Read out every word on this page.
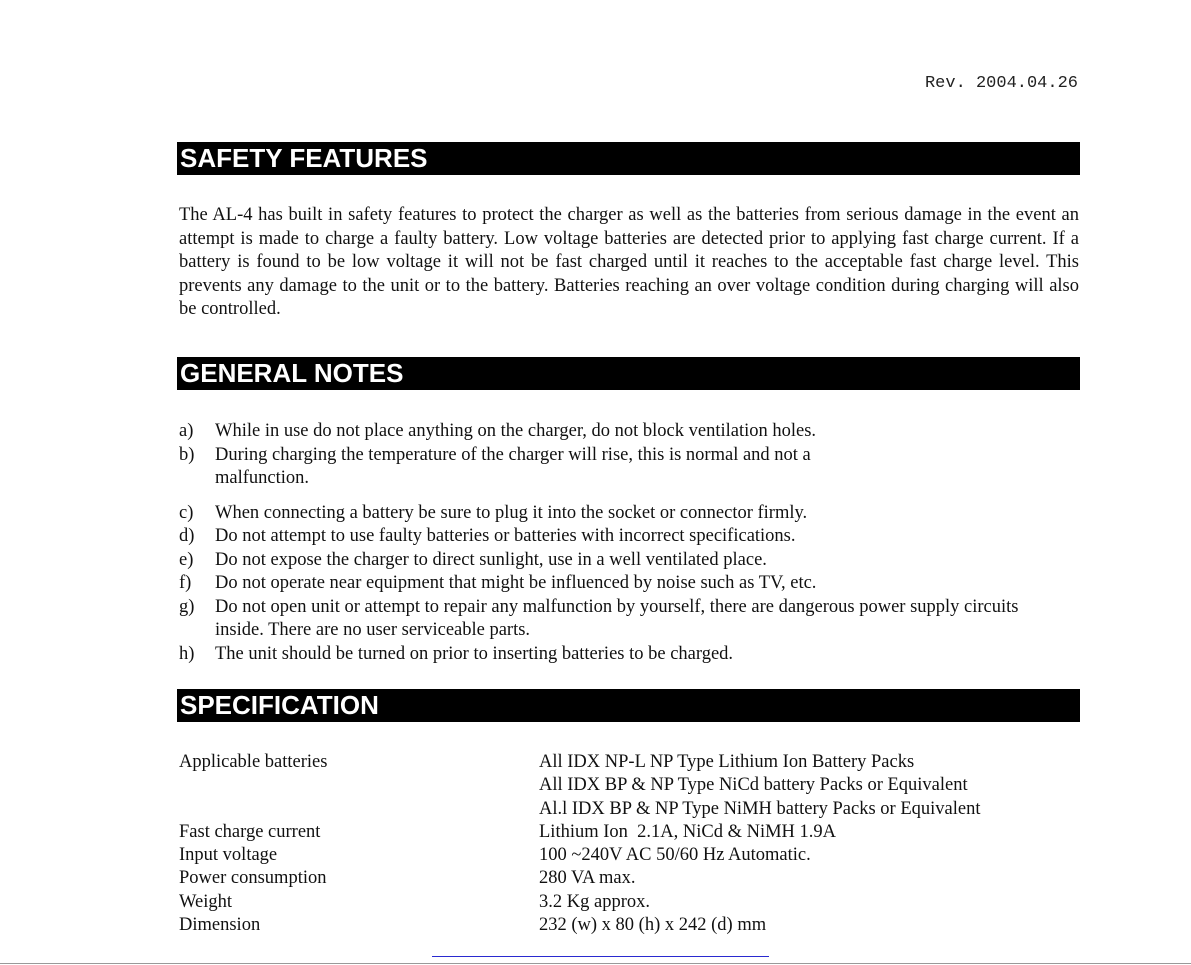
Rev. 2004.04.26
SAFETY FEATURES
The AL-4 has built in safety features to protect the charger as well as the batteries from serious damage in the event an attempt is made to charge a faulty battery. Low voltage batteries are detected prior to applying fast charge current. If a battery is found to be low voltage it will not be fast charged until it reaches to the acceptable fast charge level. This prevents any damage to the unit or to the battery. Batteries reaching an over voltage condition during charging will also be controlled.
GENERAL NOTES
a) While in use do not place anything on the charger, do not block ventilation holes.
b) During charging the temperature of the charger will rise, this is normal and not a malfunction.
c) When connecting a battery be sure to plug it into the socket or connector firmly.
d) Do not attempt to use faulty batteries or batteries with incorrect specifications.
e) Do not expose the charger to direct sunlight, use in a well ventilated place.
f) Do not operate near equipment that might be influenced by noise such as TV, etc.
g) Do not open unit or attempt to repair any malfunction by yourself, there are dangerous power supply circuits inside. There are no user serviceable parts.
h) The unit should be turned on prior to inserting batteries to be charged.
SPECIFICATION
Applicable batteries	All IDX NP-L NP Type Lithium Ion Battery Packs
All IDX BP & NP Type NiCd battery Packs or Equivalent
Al.l IDX BP & NP Type NiMH battery Packs or Equivalent
Fast charge current	Lithium Ion  2.1A, NiCd & NiMH 1.9A
Input voltage	100 ~240V AC 50/60 Hz Automatic.
Power consumption	280 VA max.
Weight	3.2 Kg approx.
Dimension	232 (w) x 80 (h) x 242 (d) mm
